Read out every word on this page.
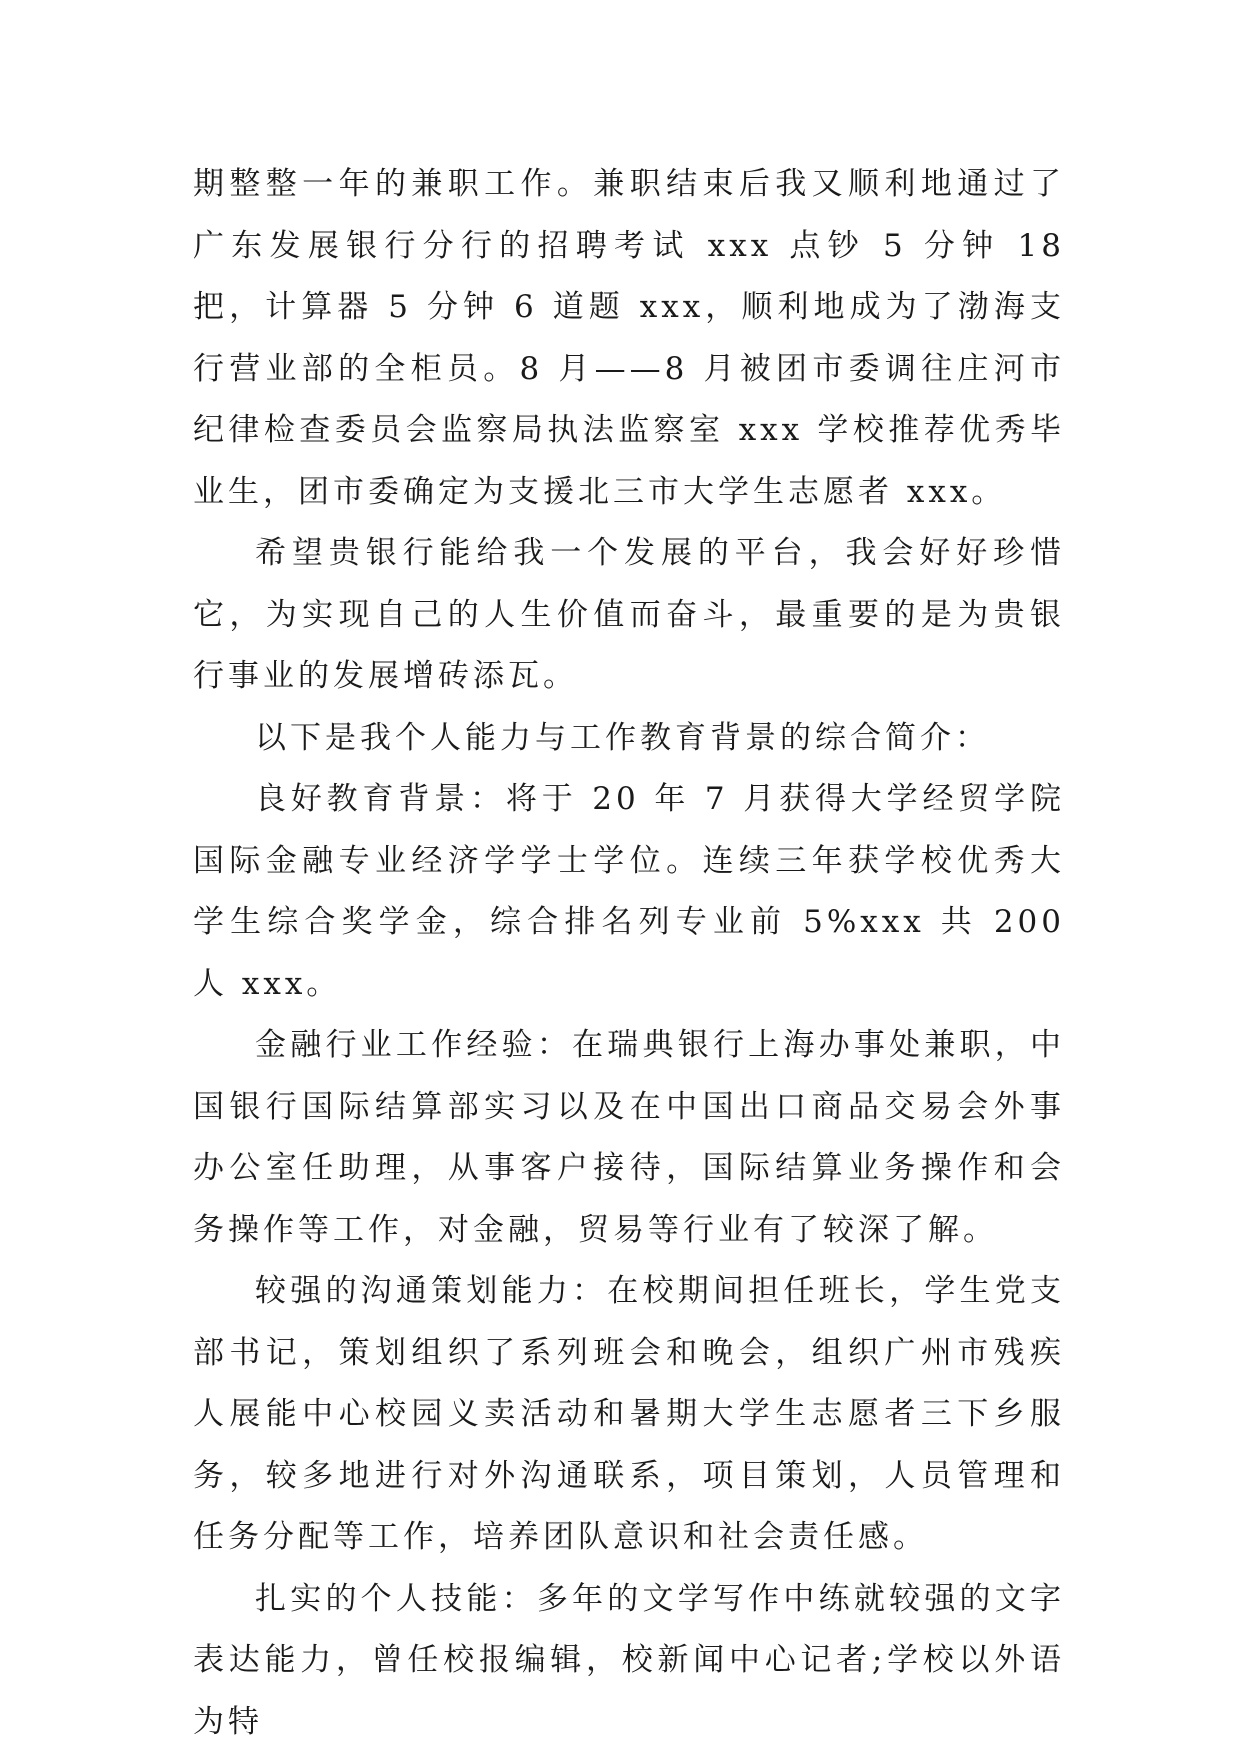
期整整一年的兼职工作。兼职结束后我又顺利地通过了广东发展银行分行的招聘考试 xxx 点钞 5 分钟 18 把，计算器 5 分钟 6 道题 xxx，顺利地成为了渤海支行营业部的全柜员。8 月——8 月被团市委调往庄河市纪律检查委员会监察局执法监察室 xxx 学校推荐优秀毕业生，团市委确定为支援北三市大学生志愿者 xxx。

希望贵银行能给我一个发展的平台，我会好好珍惜它，为实现自己的人生价值而奋斗，最重要的是为贵银行事业的发展增砖添瓦。

以下是我个人能力与工作教育背景的综合简介：

良好教育背景：将于 20 年 7 月获得大学经贸学院国际金融专业经济学学士学位。连续三年获学校优秀大学生综合奖学金，综合排名列专业前 5%xxx 共 200 人 xxx。

金融行业工作经验：在瑞典银行上海办事处兼职，中国银行国际结算部实习以及在中国出口商品交易会外事办公室任助理，从事客户接待，国际结算业务操作和会务操作等工作，对金融，贸易等行业有了较深了解。

较强的沟通策划能力：在校期间担任班长，学生党支部书记，策划组织了系列班会和晚会，组织广州市残疾人展能中心校园义卖活动和暑期大学生志愿者三下乡服务，较多地进行对外沟通联系，项目策划，人员管理和任务分配等工作，培养团队意识和社会责任感。

扎实的个人技能：多年的文学写作中练就较强的文字表达能力，曾任校报编辑，校新闻中心记者;学校以外语为特
